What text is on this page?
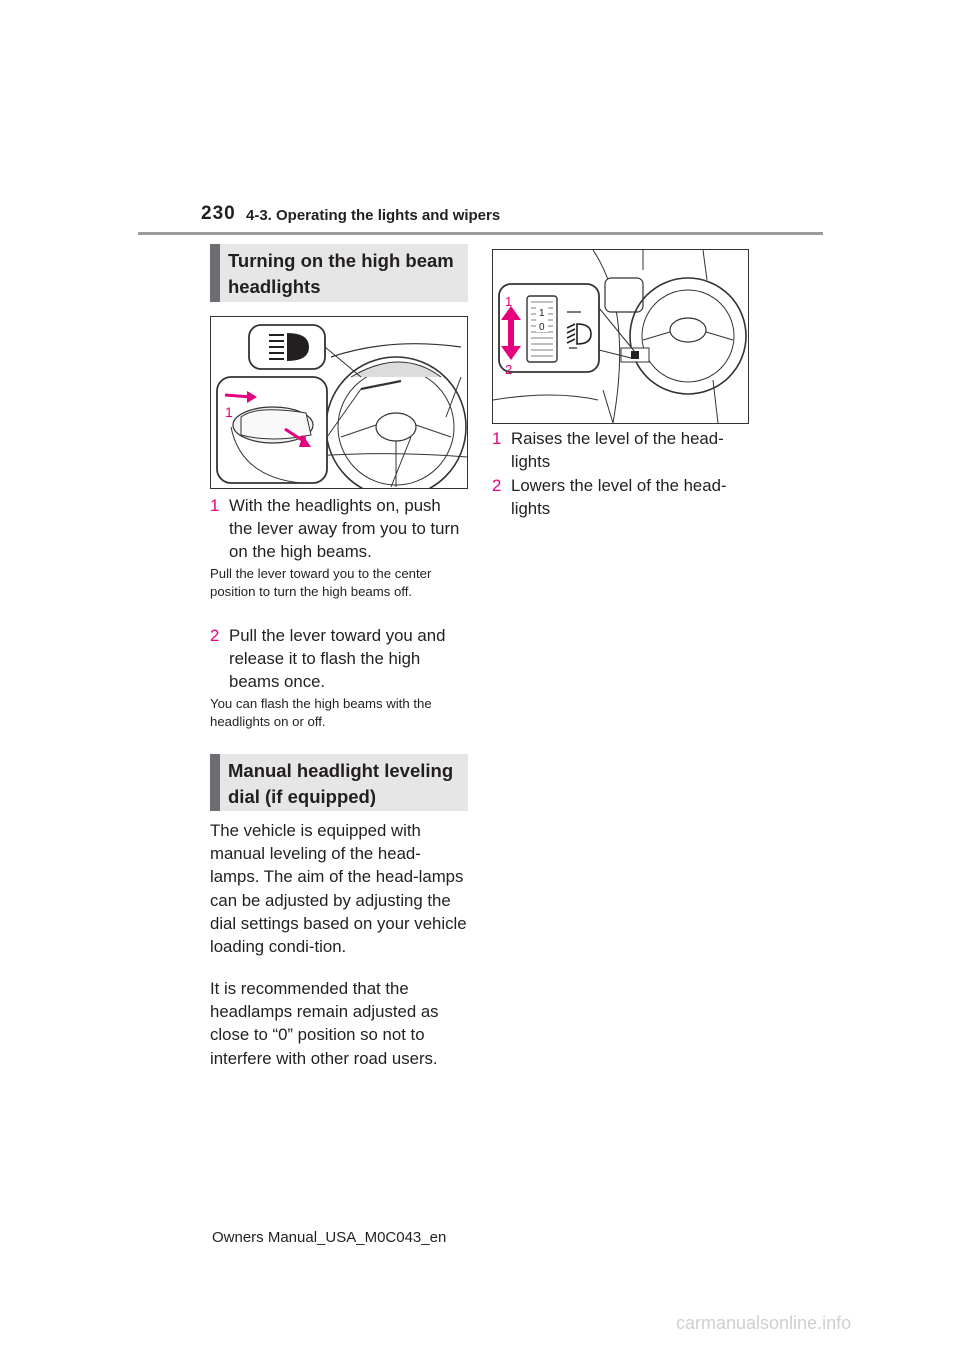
230 4-3. Operating the lights and wipers
Turning on the high beam headlights
1
2
1 With the headlights on, push the lever away from you to turn on the high beams.
Pull the lever toward you to the center position to turn the high beams off.
2 Pull the lever toward you and release it to flash the high beams once.
You can flash the high beams with the headlights on or off.
Manual headlight leveling dial (if equipped)
The vehicle is equipped with manual leveling of the head-lamps. The aim of the head-lamps can be adjusted by adjusting the dial settings based on your vehicle loading condi-tion.
It is recommended that the headlamps remain adjusted as close to “0” position so not to interfere with other road users.
1
0
1
2
1 Raises the level of the head-lights
2 Lowers the level of the head-lights
Owners Manual_USA_M0C043_en
carmanualsonline.info
